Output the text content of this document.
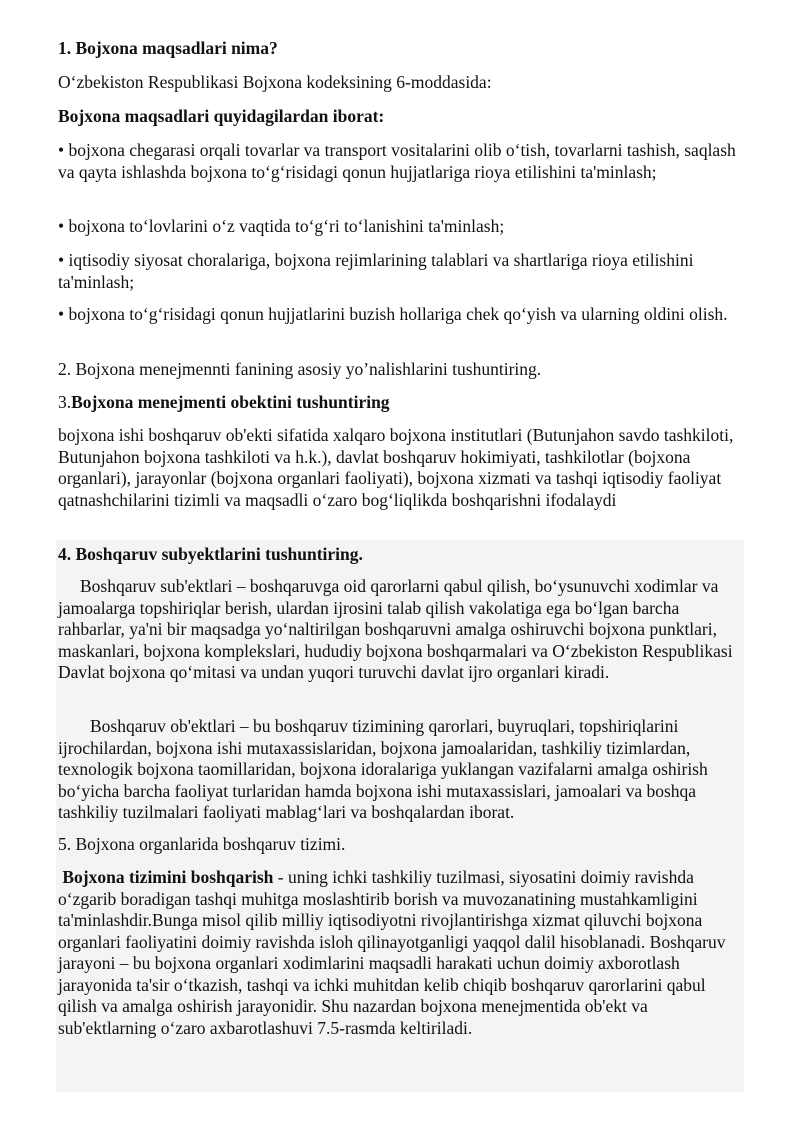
1. Bojxona maqsadlari nima?

O‘zbekiston Respublikasi Bojxona kodeksining 6-moddasida:

Bojxona maqsadlari quyidagilardan iborat:

• bojxona chegarasi orqali tovarlar va transport vositalarini olib o‘tish, tovarlarni tashish, saqlash va qayta ishlashda bojxona to‘g‘risidagi qonun hujjatlariga rioya etilishini ta'minlash;

• bojxona to‘lovlarini o‘z vaqtida to‘g‘ri to‘lanishini ta'minlash;

• iqtisodiy siyosat choralariga, bojxona rejimlarining talablari va shartlariga rioya etilishini ta'minlash;

• bojxona to‘g‘risidagi qonun hujjatlarini buzish hollariga chek qo‘yish va ularning oldini olish.

2. Bojxona menejmennti fanining asosiy yo’nalishlarini tushuntiring.

3.Bojxona menejmenti obektini tushuntiring

bojxona ishi boshqaruv ob'ekti sifatida xalqaro bojxona institutlari (Butunjahon savdo tashkiloti, Butunjahon bojxona tashkiloti va h.k.), davlat boshqaruv hokimiyati, tashkilotlar (bojxona organlari), jarayonlar (bojxona organlari faoliyati), bojxona xizmati va tashqi iqtisodiy faoliyat qatnashchilarini tizimli va maqsadli o‘zaro bog‘liqlikda boshqarishni ifodalaydi

4. Boshqaruv subyektlarini tushuntiring.

Boshqaruv sub'ektlari – boshqaruvga oid qarorlarni qabul qilish, bo‘ysunuvchi xodimlar va jamoalarga topshiriqlar berish, ulardan ijrosini talab qilish vakolatiga ega bo‘lgan barcha rahbarlar, ya'ni bir maqsadga yo‘naltirilgan boshqaruvni amalga oshiruvchi bojxona punktlari, maskanlari, bojxona komplekslari, hududiy bojxona boshqarmalari va O‘zbekiston Respublikasi Davlat bojxona qo‘mitasi va undan yuqori turuvchi davlat ijro organlari kiradi.

Boshqaruv ob'ektlari – bu boshqaruv tizimining qarorlari, buyruqlari, topshiriqlarini ijrochilardan, bojxona ishi mutaxassislaridan, bojxona jamoalaridan, tashkiliy tizimlardan, texnologik bojxona taomillaridan, bojxona idoralariga yuklangan vazifalarni amalga oshirish bo‘yicha barcha faoliyat turlaridan hamda bojxona ishi mutaxassislari, jamoalari va boshqa tashkiliy tuzilmalari faoliyati mablag‘lari va boshqalardan iborat.

5. Bojxona organlarida boshqaruv tizimi.

Bojxona tizimini boshqarish - uning ichki tashkiliy tuzilmasi, siyosatini doimiy ravishda o‘zgarib boradigan tashqi muhitga moslashtirib borish va muvozanatining mustahkamligini ta'minlashdir.Bunga misol qilib milliy iqtisodiyotni rivojlantirishga xizmat qiluvchi bojxona organlari faoliyatini doimiy ravishda isloh qilinayotganligi yaqqol dalil hisoblanadi. Boshqaruv jarayoni – bu bojxona organlari xodimlarini maqsadli harakati uchun doimiy axborotlash jarayonida ta'sir o‘tkazish, tashqi va ichki muhitdan kelib chiqib boshqaruv qarorlarini qabul qilish va amalga oshirish jarayonidir. Shu nazardan bojxona menejmentida ob'ekt va sub'ektlarning o‘zaro axbarotlashuvi 7.5-rasmda keltiriladi.
